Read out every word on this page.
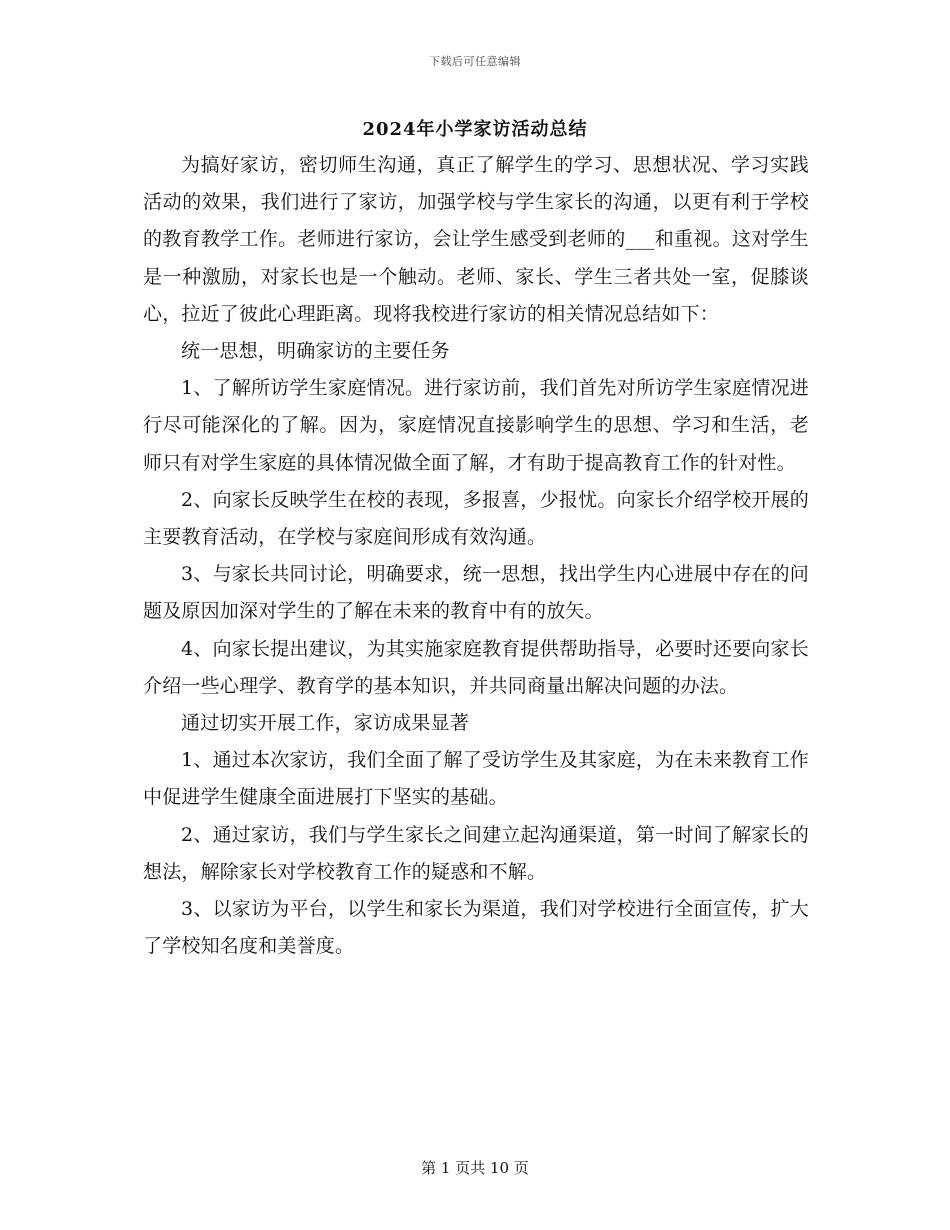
下载后可任意编辑
2024年小学家访活动总结

为搞好家访，密切师生沟通，真正了解学生的学习、思想状况、学习实践活动的效果，我们进行了家访，加强学校与学生家长的沟通，以更有利于学校的教育教学工作。老师进行家访，会让学生感受到老师的___和重视。这对学生是一种激励，对家长也是一个触动。老师、家长、学生三者共处一室，促膝谈心，拉近了彼此心理距离。现将我校进行家访的相关情况总结如下：

统一思想，明确家访的主要任务

1、了解所访学生家庭情况。进行家访前，我们首先对所访学生家庭情况进行尽可能深化的了解。因为，家庭情况直接影响学生的思想、学习和生活，老师只有对学生家庭的具体情况做全面了解，才有助于提高教育工作的针对性。

2、向家长反映学生在校的表现，多报喜，少报忧。向家长介绍学校开展的主要教育活动，在学校与家庭间形成有效沟通。

3、与家长共同讨论，明确要求，统一思想，找出学生内心进展中存在的问题及原因加深对学生的了解在未来的教育中有的放矢。

4、向家长提出建议，为其实施家庭教育提供帮助指导，必要时还要向家长介绍一些心理学、教育学的基本知识，并共同商量出解决问题的办法。

通过切实开展工作，家访成果显著

1、通过本次家访，我们全面了解了受访学生及其家庭，为在未来教育工作中促进学生健康全面进展打下坚实的基础。

2、通过家访，我们与学生家长之间建立起沟通渠道，第一时间了解家长的想法，解除家长对学校教育工作的疑惑和不解。

3、以家访为平台，以学生和家长为渠道，我们对学校进行全面宣传，扩大了学校知名度和美誉度。

第 1 页共 10 页
